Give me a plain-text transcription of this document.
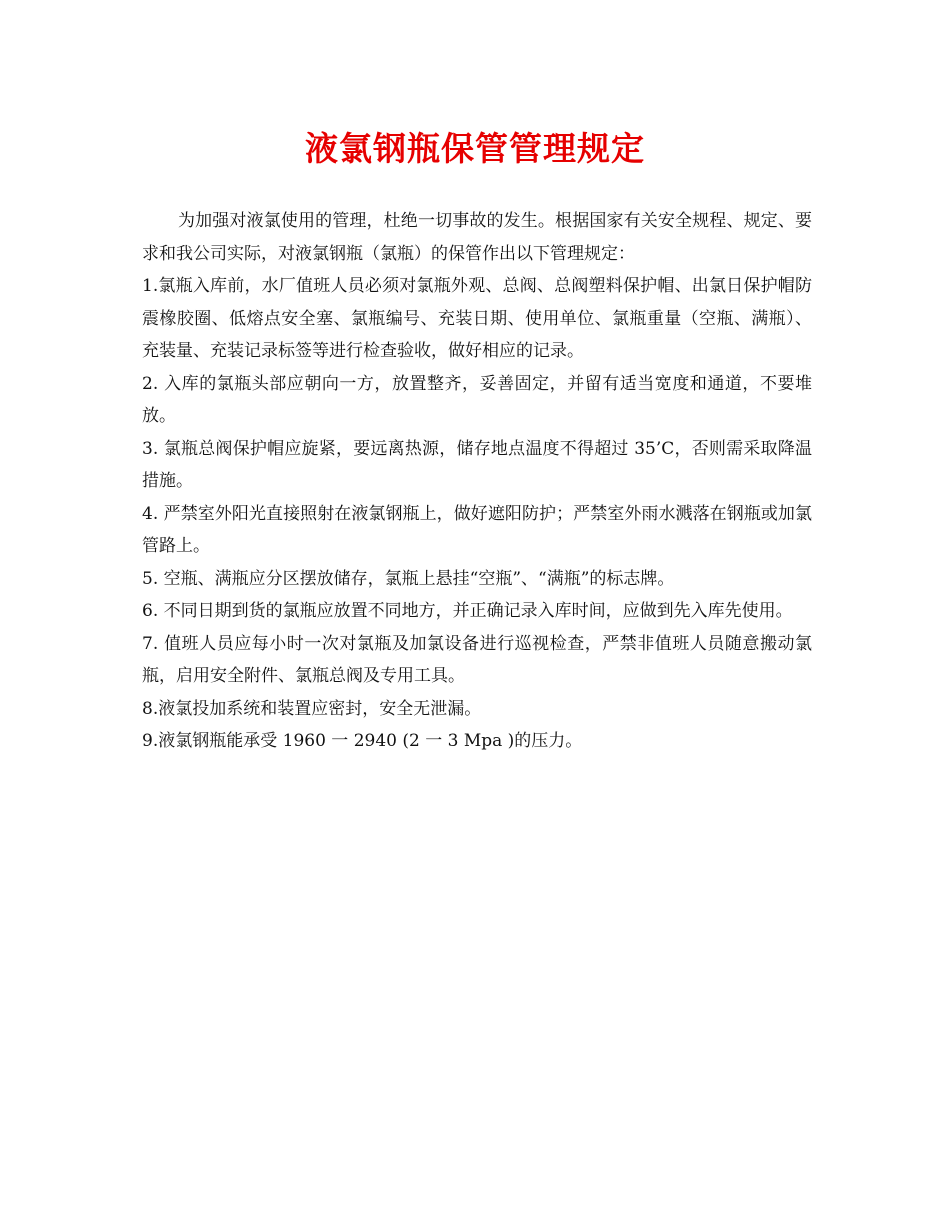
液氯钢瓶保管管理规定

为加强对液氯使用的管理，杜绝一切事故的发生。根据国家有关安全规程、规定、要求和我公司实际，对液氯钢瓶（氯瓶）的保管作出以下管理规定：

1.氯瓶入库前，水厂值班人员必须对氯瓶外观、总阀、总阀塑料保护帽、出氯日保护帽防震橡胶圈、低熔点安全塞、氯瓶编号、充装日期、使用单位、氯瓶重量（空瓶、满瓶）、充装量、充装记录标签等进行检查验收，做好相应的记录。

2. 入库的氯瓶头部应朝向一方，放置整齐，妥善固定，并留有适当宽度和通道，不要堆放。

3. 氯瓶总阀保护帽应旋紧，要远离热源，储存地点温度不得超过 35’C，否则需采取降温措施。

4. 严禁室外阳光直接照射在液氯钢瓶上，做好遮阳防护；严禁室外雨水溅落在钢瓶或加氯管路上。

5. 空瓶、满瓶应分区摆放储存，氯瓶上悬挂“空瓶”、“满瓶”的标志牌。

6. 不同日期到货的氯瓶应放置不同地方，并正确记录入库时间，应做到先入库先使用。

7. 值班人员应每小时一次对氯瓶及加氯设备进行巡视检查，严禁非值班人员随意搬动氯瓶，启用安全附件、氯瓶总阀及专用工具。

8.液氯投加系统和装置应密封，安全无泄漏。

9.液氯钢瓶能承受 1960 一 2940 (2 一 3 Mpa )的压力。
